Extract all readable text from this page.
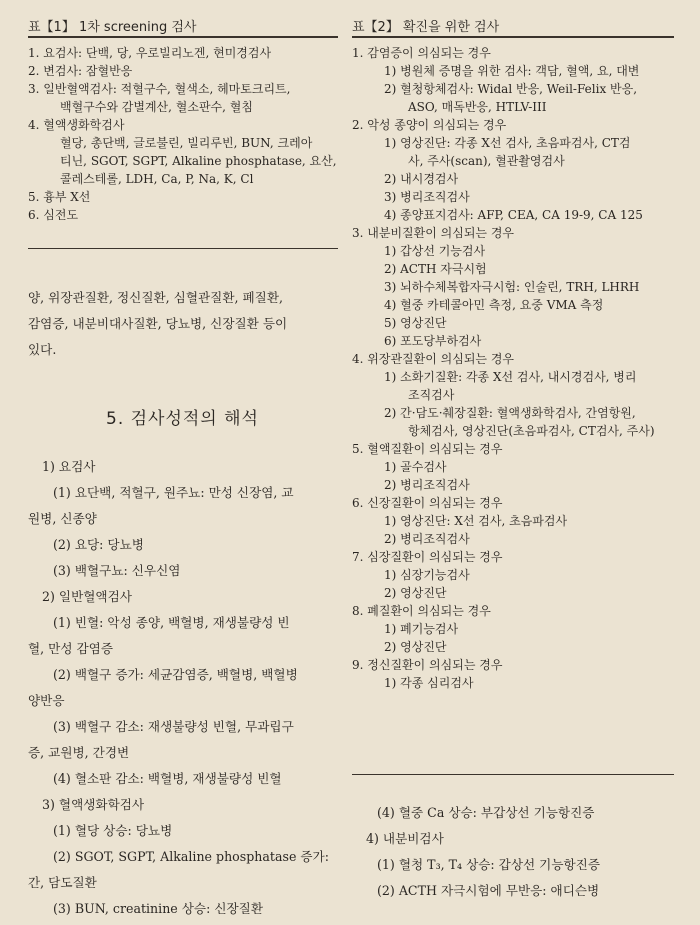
표【1】 1차 screening 검사

1. 요검사: 단백, 당, 우로빌리노겐, 현미경검사

2. 변검사: 잠혈반응

3. 일반혈액검사: 적혈구수, 혈색소, 헤마토크리트,

백혈구수와 감별계산, 혈소판수, 혈침

4. 혈액생화학검사

혈당, 총단백, 글로불린, 빌리루빈, BUN, 크레아

티닌, SGOT, SGPT, Alkaline phosphatase, 요산,

콜레스테롤, LDH, Ca, P, Na, K, Cl

5. 흉부 X선

6. 심전도

양, 위장관질환, 정신질환, 심혈관질환, 폐질환,

감염증, 내분비대사질환, 당뇨병, 신장질환 등이

있다.

5. 검사성적의 해석

1) 요검사

(1) 요단백, 적혈구, 원주뇨: 만성 신장염, 교

원병, 신종양

(2) 요당: 당뇨병

(3) 백혈구뇨: 신우신염

2) 일반혈액검사

(1) 빈혈: 악성 종양, 백혈병, 재생불량성 빈

혈, 만성 감염증

(2) 백혈구 증가: 세균감염증, 백혈병, 백혈병

양반응

(3) 백혈구 감소: 재생불량성 빈혈, 무과립구

증, 교원병, 간경변

(4) 혈소판 감소: 백혈병, 재생불량성 빈혈

3) 혈액생화학검사

(1) 혈당 상승: 당뇨병

(2) SGOT, SGPT, Alkaline phosphatase 증가:

간, 담도질환

(3) BUN, creatinine 상승: 신장질환

표【2】 확진을 위한 검사

1. 감염증이 의심되는 경우

1) 병원체 증명을 위한 검사: 객담, 혈액, 요, 대변

2) 혈청항체검사: Widal 반응, Weil-Felix 반응,

ASO, 매독반응, HTLV-III

2. 악성 종양이 의심되는 경우

1) 영상진단: 각종 X선 검사, 초음파검사, CT검

사, 주사(scan), 혈관촬영검사

2) 내시경검사

3) 병리조직검사

4) 종양표지검사: AFP, CEA, CA 19-9, CA 125

3. 내분비질환이 의심되는 경우

1) 갑상선 기능검사

2) ACTH 자극시험

3) 뇌하수체복합자극시험: 인술린, TRH, LHRH

4) 혈중 카테콜아민 측정, 요중 VMA 측정

5) 영상진단

6) 포도당부하검사

4. 위장관질환이 의심되는 경우

1) 소화기질환: 각종 X선 검사, 내시경검사, 병리

조직검사

2) 간·담도·췌장질환: 혈액생화학검사, 간염항원,

항체검사, 영상진단(초음파검사, CT검사, 주사)

5. 혈액질환이 의심되는 경우

1) 골수검사

2) 병리조직검사

6. 신장질환이 의심되는 경우

1) 영상진단: X선 검사, 초음파검사

2) 병리조직검사

7. 심장질환이 의심되는 경우

1) 심장기능검사

2) 영상진단

8. 폐질환이 의심되는 경우

1) 폐기능검사

2) 영상진단

9. 정신질환이 의심되는 경우

1) 각종 심리검사

(4) 혈중 Ca 상승: 부갑상선 기능항진증

4) 내분비검사

(1) 혈청 T₃, T₄ 상승: 갑상선 기능항진증

(2) ACTH 자극시험에 무반응: 애디슨병
